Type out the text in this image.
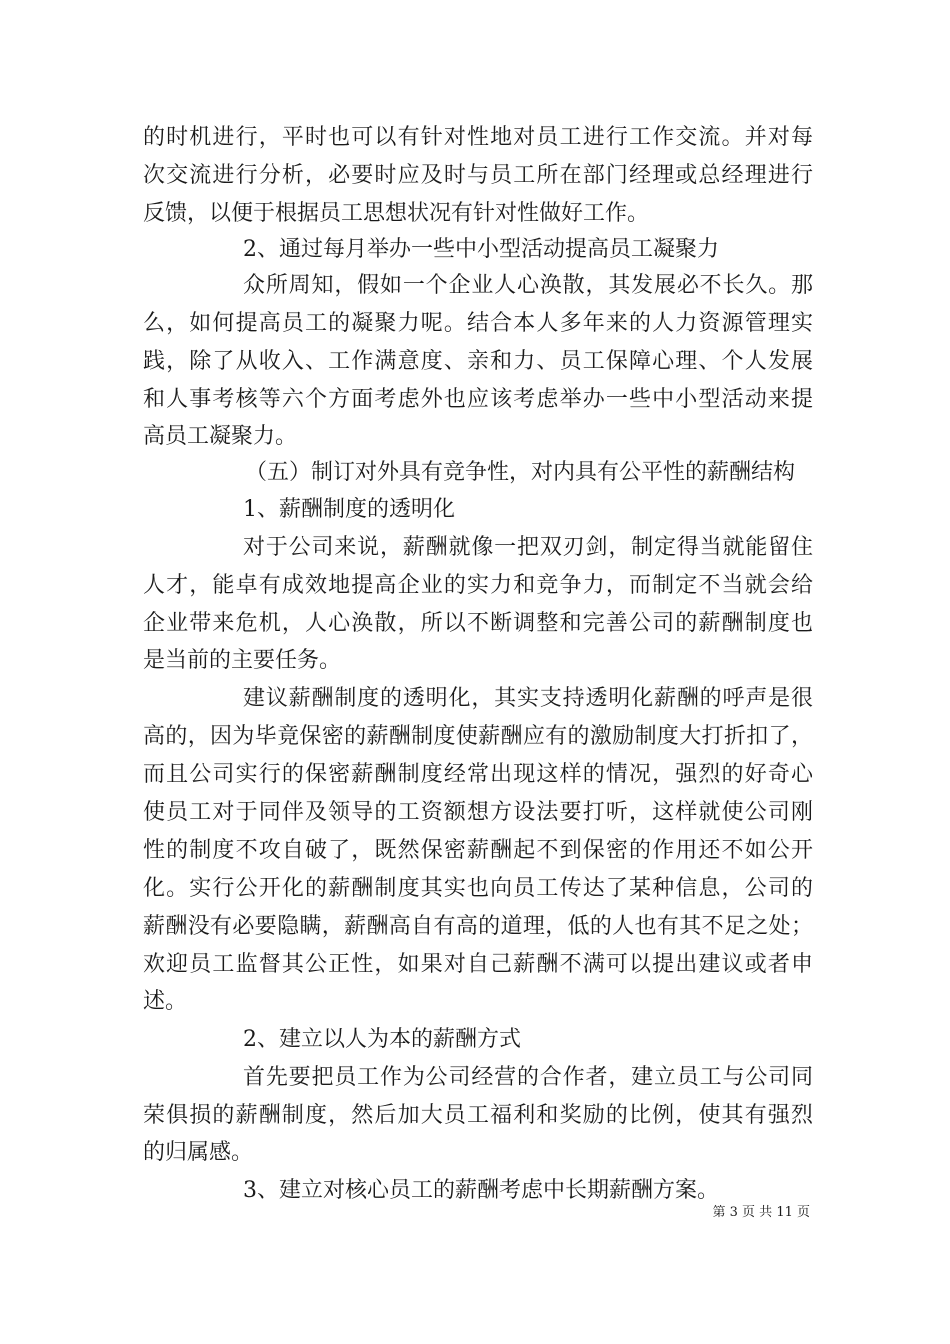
的时机进行，平时也可以有针对性地对员工进行工作交流。并对每
次交流进行分析，必要时应及时与员工所在部门经理或总经理进行
反馈，以便于根据员工思想状况有针对性做好工作。
2、通过每月举办一些中小型活动提高员工凝聚力
众所周知，假如一个企业人心涣散，其发展必不长久。那
么，如何提高员工的凝聚力呢。结合本人多年来的人力资源管理实
践，除了从收入、工作满意度、亲和力、员工保障心理、个人发展
和人事考核等六个方面考虑外也应该考虑举办一些中小型活动来提
高员工凝聚力。
（五）制订对外具有竞争性，对内具有公平性的薪酬结构
1、薪酬制度的透明化
对于公司来说，薪酬就像一把双刃剑，制定得当就能留住
人才，能卓有成效地提高企业的实力和竞争力，而制定不当就会给
企业带来危机，人心涣散，所以不断调整和完善公司的薪酬制度也
是当前的主要任务。
建议薪酬制度的透明化，其实支持透明化薪酬的呼声是很
高的，因为毕竟保密的薪酬制度使薪酬应有的激励制度大打折扣了，
而且公司实行的保密薪酬制度经常出现这样的情况，强烈的好奇心
使员工对于同伴及领导的工资额想方设法要打听，这样就使公司刚
性的制度不攻自破了，既然保密薪酬起不到保密的作用还不如公开
化。实行公开化的薪酬制度其实也向员工传达了某种信息，公司的
薪酬没有必要隐瞒，薪酬高自有高的道理，低的人也有其不足之处；
欢迎员工监督其公正性，如果对自己薪酬不满可以提出建议或者申
述。
2、建立以人为本的薪酬方式
首先要把员工作为公司经营的合作者，建立员工与公司同
荣俱损的薪酬制度，然后加大员工福利和奖励的比例，使其有强烈
的归属感。
3、建立对核心员工的薪酬考虑中长期薪酬方案。
第 3 页 共 11 页
